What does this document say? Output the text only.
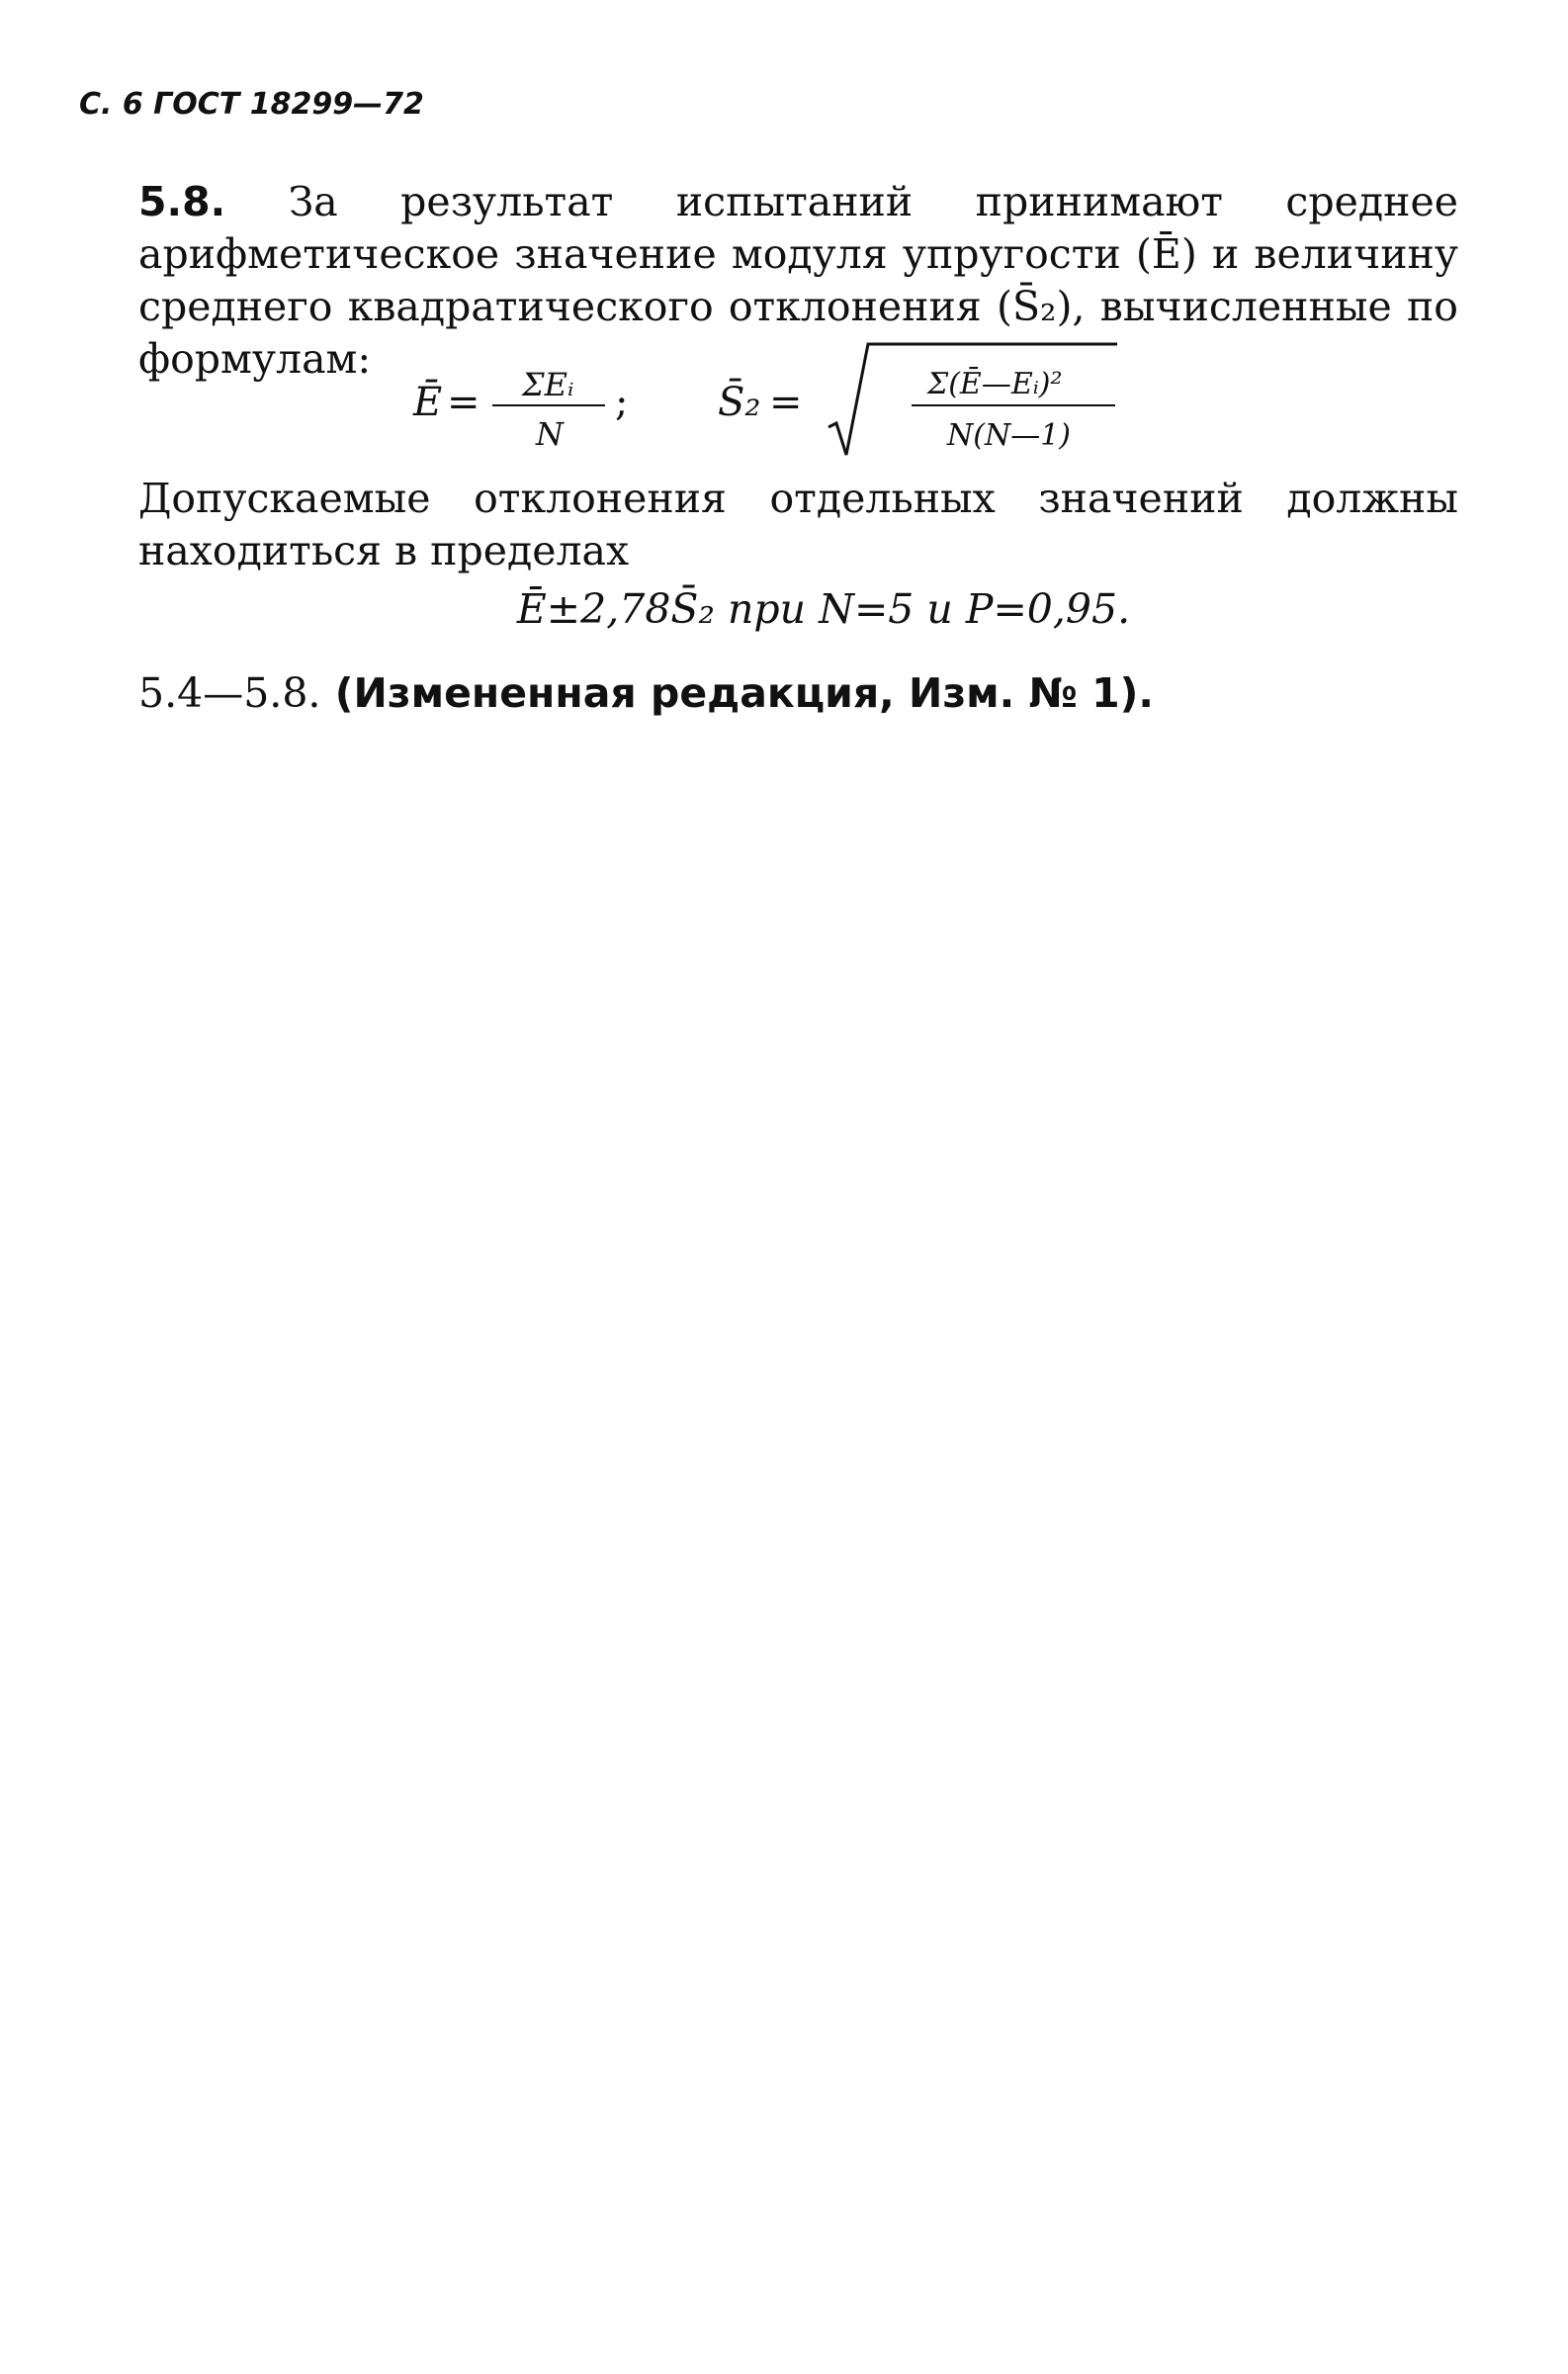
С. 6 ГОСТ 18299—72
5.8. За результат испытаний принимают среднее арифметическое значение модуля упругости (Ē) и величину среднего квадратического отклонения (S̄₂), вычисленные по формулам:
Ē = ΣEᵢ
N
; S̄₂ =	Σ(Ē—Eᵢ)²
N(N—1)
Допускаемые отклонения отдельных значений должны находиться в пределах
Ē±2,78S̄₂ при N=5 и P=0,95.
5.4—5.8. (Измененная редакция, Изм. № 1).
